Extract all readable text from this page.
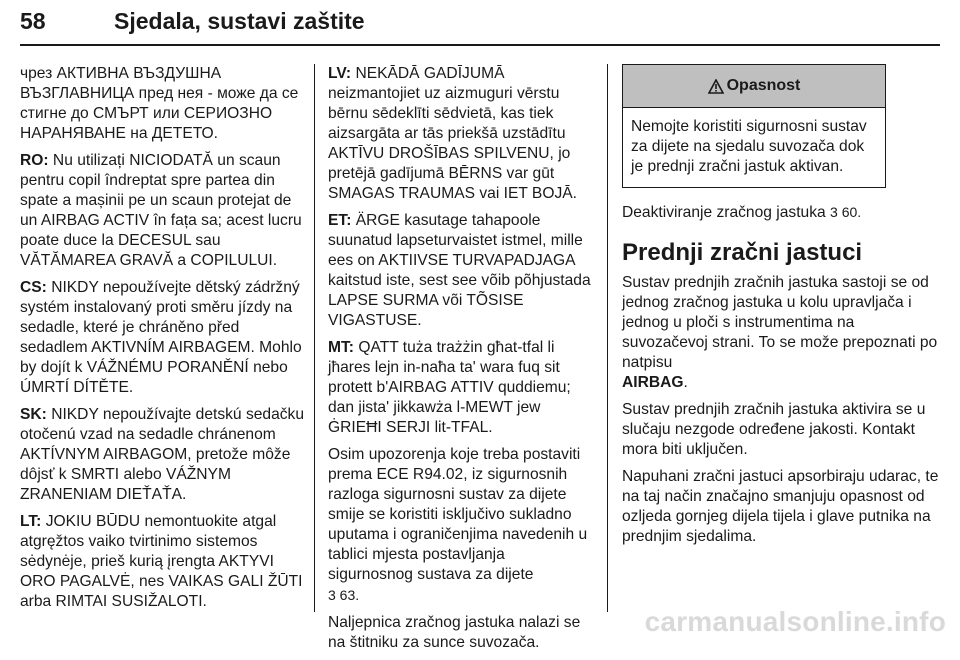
58	Sjedala, sustavi zaštite

чрез АКТИВНА ВЪЗДУШНА ВЪЗГЛАВНИЦА пред нея - може да се стигне до СМЪРТ или СЕРИОЗНО НАРАНЯВАНЕ на ДЕТЕТО.

RO: Nu utilizați NICIODATĂ un scaun pentru copil îndreptat spre partea din spate a mașinii pe un scaun protejat de un AIRBAG ACTIV în fața sa; acest lucru poate duce la DECESUL sau VĂTĂMAREA GRAVĂ a COPILULUI.

CS: NIKDY nepoužívejte dětský zádržný systém instalovaný proti směru jízdy na sedadle, které je chráněno před sedadlem AKTIVNÍM AIRBAGEM. Mohlo by dojít k VÁŽNÉMU PORANĚNÍ nebo ÚMRTÍ DÍTĚTE.

SK: NIKDY nepoužívajte detskú sedačku otočenú vzad na sedadle chránenom AKTÍVNYM AIRBAGOM, pretože môže dôjsť k SMRTI alebo VÁŽNYM ZRANENIAM DIEŤAŤA.

LT: JOKIU BŪDU nemontuokite atgal atgręžtos vaiko tvirtinimo sistemos sėdynėje, prieš kurią įrengta AKTYVI ORO PAGALVĖ, nes VAIKAS GALI ŽŪTI arba RIMTAI SUSIŽALOTI.

LV: NEKĀDĀ GADĪJUMĀ neizmantojiet uz aizmuguri vērstu bērnu sēdeklīti sēdvietā, kas tiek aizsargāta ar tās priekšā uzstādītu AKTĪVU DROŠĪBAS SPILVENU, jo pretējā gadījumā BĒRNS var gūt SMAGAS TRAUMAS vai IET BOJĀ.

ET: ÄRGE kasutage tahapoole suunatud lapseturvaistet istmel, mille ees on AKTIIVSE TURVAPADJAGA kaitstud iste, sest see võib põhjustada LAPSE SURMA või TÕSISE VIGASTUSE.

MT: QATT tuża trażżin għat-tfal li jħares lejn in-naħa ta' wara fuq sit protett b'AIRBAG ATTIV quddiemu; dan jista' jikkawża l-MEWT jew ĠRIEĦI SERJI lit-TFAL.

Osim upozorenja koje treba postaviti prema ECE R94.02, iz sigurnosnih razloga sigurnosni sustav za dijete smije se koristiti isključivo sukladno uputama i ograničenjima navedenih u tablici mjesta postavljanja sigurnosnog sustava za dijete
3 63.

Naljepnica zračnog jastuka nalazi se na štitniku za sunce suvozača.

Opasnost
Nemojte koristiti sigurnosni sustav za dijete na sjedalu suvozača dok je prednji zračni jastuk aktivan.

Deaktiviranje zračnog jastuka 3 60.

Prednji zračni jastuci

Sustav prednjih zračnih jastuka sastoji se od jednog zračnog jastuka u kolu upravljača i jednog u ploči s instrumentima na suvozačevoj strani. To se može prepoznati po natpisu
AIRBAG.

Sustav prednjih zračnih jastuka aktivira se u slučaju nezgode određene jakosti. Kontakt mora biti uključen.

Napuhani zračni jastuci apsorbiraju udarac, te na taj način značajno smanjuju opasnost od ozljeda gornjeg dijela tijela i glave putnika na prednjim sjedalima.

carmanualsonline.info
